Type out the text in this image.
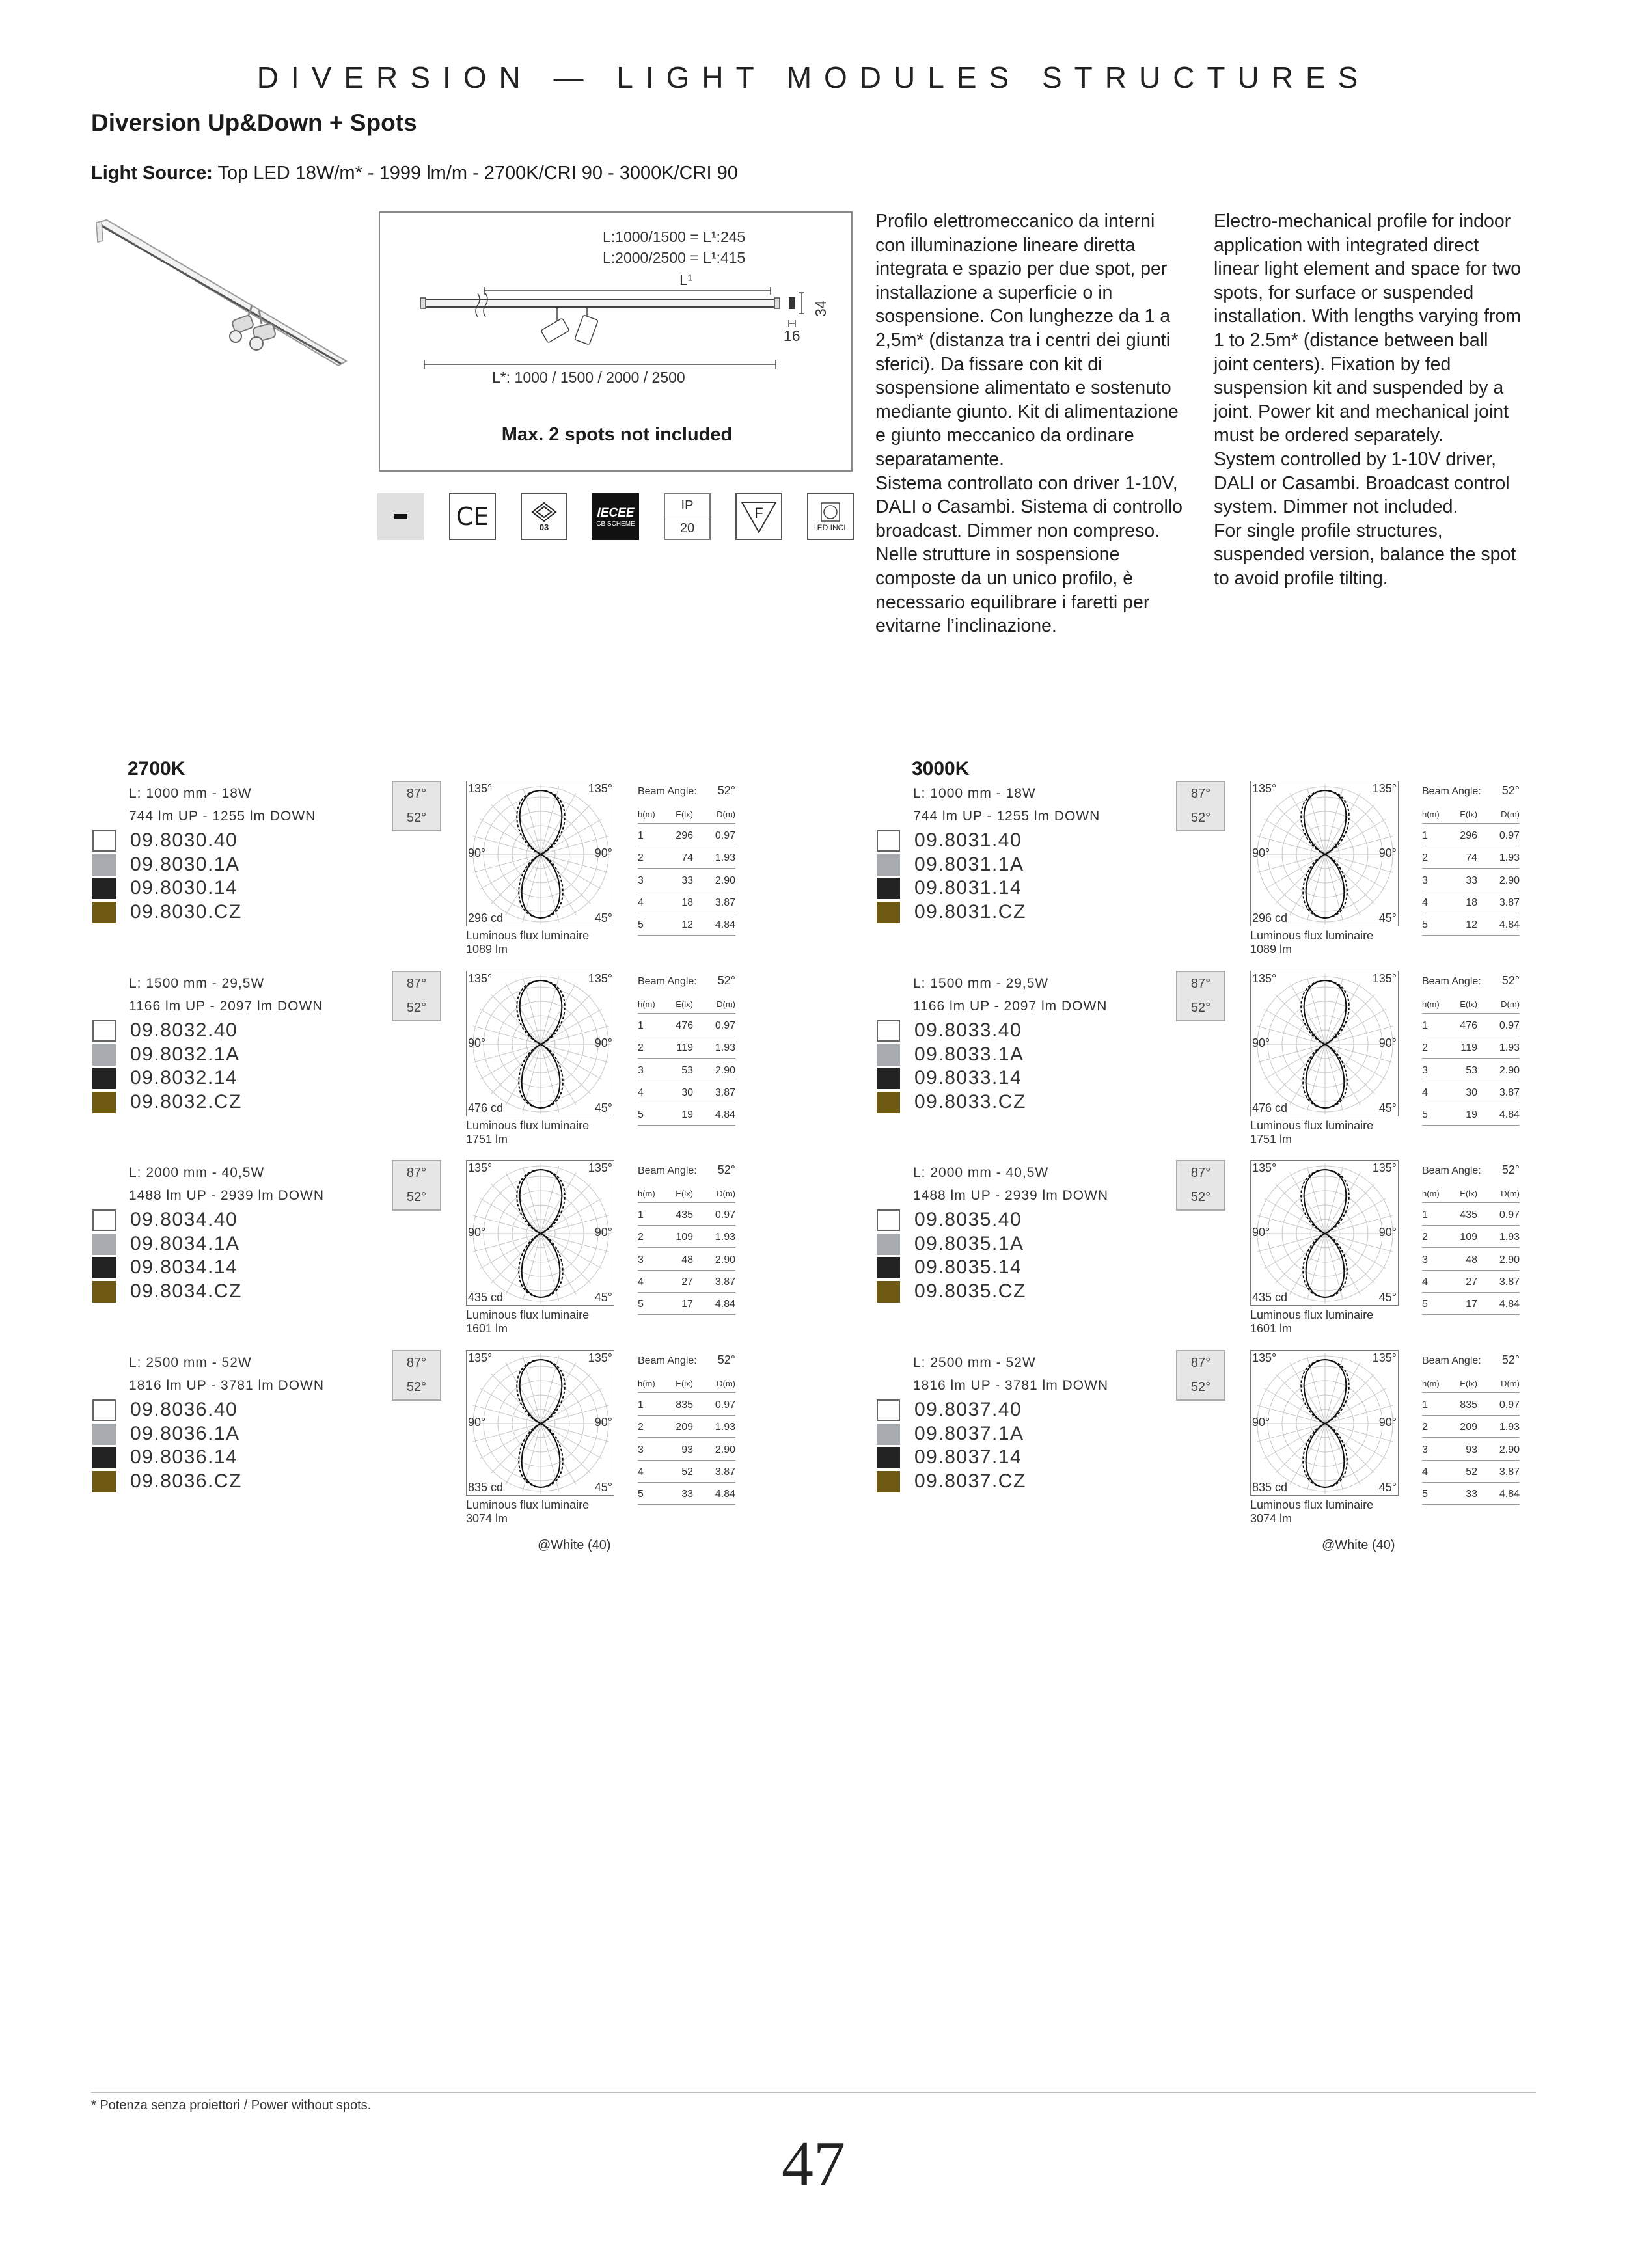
DIVERSION — LIGHT MODULES STRUCTURES
Diversion Up&Down + Spots
Light Source: Top LED 18W/m* - 1999 lm/m - 2700K/CRI 90 - 3000K/CRI 90
L:1000/1500 = L¹:245
L:2000/2500 = L¹:415
L¹
34
16
L*: 1000 / 1500 / 2000 / 2500
Max. 2 spots not included
CE	03
IECEE
CB SCHEME
IP
20
F
LED INCL

Profilo elettromeccanico da interni con illuminazione lineare diretta integrata e spazio per due spot, per installazione a superficie o in sospensione. Con lunghezze da 1 a 2,5m* (distanza tra i centri dei giunti sferici). Da fissare con kit di sospensione alimentato e sostenuto mediante giunto. Kit di alimentazione e giunto meccanico da ordinare separatamente.

Sistema controllato con driver 1-10V, DALI o Casambi. Sistema di controllo broadcast. Dimmer non compreso.

Nelle strutture in sospensione composte da un unico profilo, è necessario equilibrare i faretti per evitarne l’inclinazione.

Electro-mechanical profile for indoor application with integrated direct linear light element and space for two spots, for surface or suspended installation. With lengths varying from 1 to 2.5m* (distance between ball joint centers). Fixation by fed suspension kit and suspended by a joint. Power kit and mechanical joint must be ordered separately.

System controlled by 1-10V driver, DALI or Casambi. Broadcast control system. Dimmer not included.

For single profile structures, suspended version, balance the spot to avoid profile tilting.

2700K
L: 1000 mm - 18W
744 lm UP - 1255 lm DOWN
09.8030.40
09.8030.1A
09.8030.14
09.8030.CZ
87°
52°
135°	135°
90°	90°
296 cd	45°
Luminous flux luminaire
1089 lm
Beam Angle: 52°
h(m) E(lx)	D(m)
1	296 0.97
2	74 1.93
3	33 2.90
4	18 3.87
5	12 4.84
L: 1500 mm - 29,5W
1166 lm UP - 2097 lm DOWN
09.8032.40
09.8032.1A
09.8032.14
09.8032.CZ
87°
52°
135°	135°
90°	90°
476 cd	45°
Luminous flux luminaire
1751 lm
Beam Angle: 52°
h(m) E(lx)	D(m)
1	476 0.97
2	119 1.93
3	53 2.90
4	30 3.87
5	19 4.84
L: 2000 mm - 40,5W
1488 lm UP - 2939 lm DOWN
09.8034.40
09.8034.1A
09.8034.14
09.8034.CZ
87°
52°
135°	135°
90°	90°
435 cd	45°
Luminous flux luminaire
1601 lm
Beam Angle: 52°
h(m) E(lx)	D(m)
1	435 0.97
2	109 1.93
3	48 2.90
4	27 3.87
5	17 4.84
L: 2500 mm - 52W
1816 lm UP - 3781 lm DOWN
09.8036.40
09.8036.1A
09.8036.14
09.8036.CZ
87°
52°
135°	135°
90°	90°
835 cd	45°
Luminous flux luminaire
3074 lm
Beam Angle: 52°
h(m) E(lx)	D(m)
1	835 0.97
2	209 1.93
3	93 2.90
4	52 3.87
5	33 4.84
@White (40)
3000K
L: 1000 mm - 18W
744 lm UP - 1255 lm DOWN
09.8031.40
09.8031.1A
09.8031.14
09.8031.CZ
87°
52°
135°	135°
90°	90°
296 cd	45°
Luminous flux luminaire
1089 lm
Beam Angle: 52°
h(m) E(lx)	D(m)
1	296 0.97
2	74 1.93
3	33 2.90
4	18 3.87
5	12 4.84
L: 1500 mm - 29,5W
1166 lm UP - 2097 lm DOWN
09.8033.40
09.8033.1A
09.8033.14
09.8033.CZ
87°
52°
135°	135°
90°	90°
476 cd	45°
Luminous flux luminaire
1751 lm
Beam Angle: 52°
h(m) E(lx)	D(m)
1	476 0.97
2	119 1.93
3	53 2.90
4	30 3.87
5	19 4.84
L: 2000 mm - 40,5W
1488 lm UP - 2939 lm DOWN
09.8035.40
09.8035.1A
09.8035.14
09.8035.CZ
87°
52°
135°	135°
90°	90°
435 cd	45°
Luminous flux luminaire
1601 lm
Beam Angle: 52°
h(m) E(lx)	D(m)
1	435 0.97
2	109 1.93
3	48 2.90
4	27 3.87
5	17 4.84
L: 2500 mm - 52W
1816 lm UP - 3781 lm DOWN
09.8037.40
09.8037.1A
09.8037.14
09.8037.CZ
87°
52°
135°	135°
90°	90°
835 cd	45°
Luminous flux luminaire
3074 lm
Beam Angle: 52°
h(m) E(lx)	D(m)
1	835 0.97
2	209 1.93
3	93 2.90
4	52 3.87
5	33 4.84
@White (40)
* Potenza senza proiettori / Power without spots.
47
